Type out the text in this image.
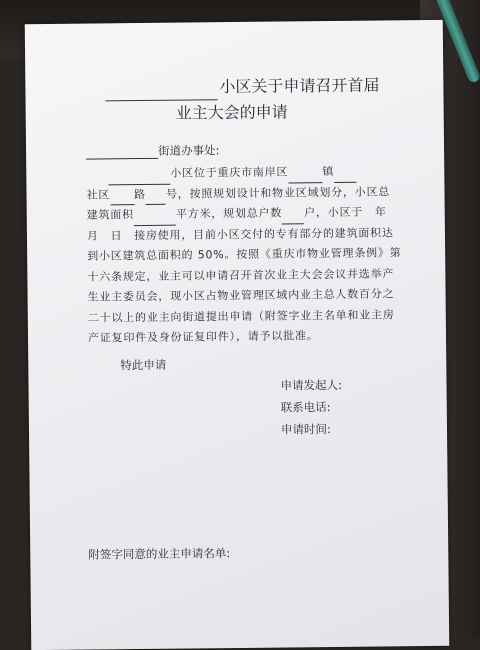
小区关于申请召开首届
业主大会的申请
街道办事处:

小区位于重庆市南岸区	镇

社区 路 号，按照规划设计和物业区域划分，小区总

建筑面积	平方米，规划总户数 户，小区于　年

月　日　接房使用，目前小区交付的专有部分的建筑面积达

到小区建筑总面积的 50%。按照《重庆市物业管理条例》第

十六条规定，业主可以申请召开首次业主大会会议并选举产

生业主委员会，现小区占物业管理区域内业主总人数百分之

二十以上的业主向街道提出申请（附签字业主名单和业主房

产证复印件及身份证复印件），请予以批准。

特此申请
申请发起人:
联系电话:
申请时间:
附签字同意的业主申请名单:
